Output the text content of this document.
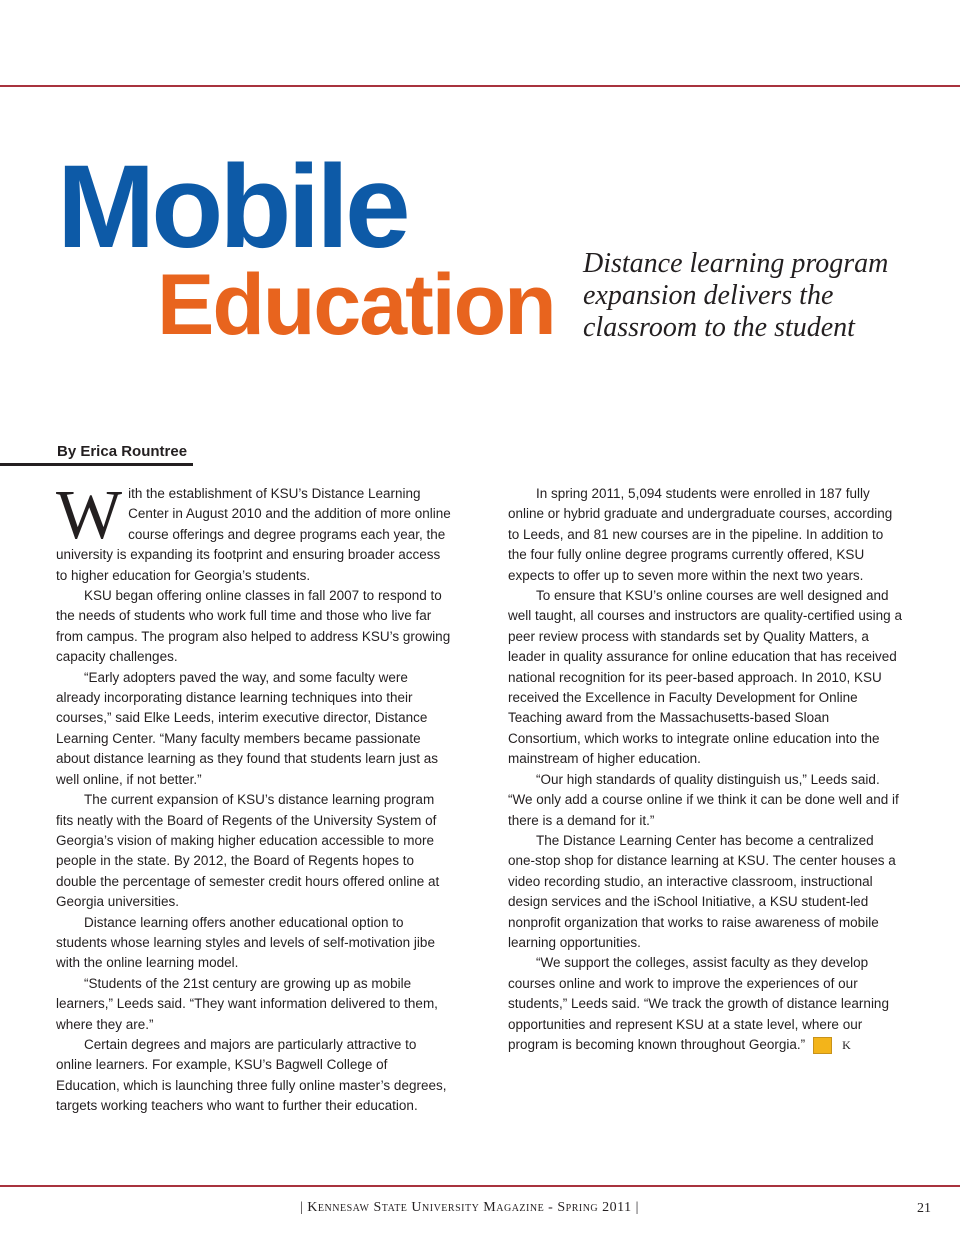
Mobile
Education Distance learning program expansion delivers the classroom to the student

By Erica Rountree

With the establishment of KSU’s Distance Learning Center in August 2010 and the addition of more online course offerings and degree programs each year, the university is expanding its footprint and ensuring broader access to higher education for Georgia’s students.

KSU began offering online classes in fall 2007 to respond to the needs of students who work full time and those who live far from campus. The program also helped to address KSU’s growing capacity challenges.

“Early adopters paved the way, and some faculty were already incorporating distance learning techniques into their courses,” said Elke Leeds, interim executive director, Distance Learning Center. “Many faculty members became passionate about distance learning as they found that students learn just as well online, if not better.”

The current expansion of KSU’s distance learning program fits neatly with the Board of Regents of the University System of Georgia’s vision of making higher education accessible to more people in the state. By 2012, the Board of Regents hopes to double the percentage of semester credit hours offered online at Georgia universities.

Distance learning offers another educational option to students whose learning styles and levels of self-motivation jibe with the online learning model.

“Students of the 21st century are growing up as mobile learners,” Leeds said. “They want information delivered to them, where they are.”

Certain degrees and majors are particularly attractive to online learners. For example, KSU’s Bagwell College of Education, which is launching three fully online master’s degrees, targets working teachers who want to further their education.

In spring 2011, 5,094 students were enrolled in 187 fully online or hybrid graduate and undergraduate courses, according to Leeds, and 81 new courses are in the pipeline. In addition to the four fully online degree programs currently offered, KSU expects to offer up to seven more within the next two years.

To ensure that KSU’s online courses are well designed and well taught, all courses and instructors are quality-certified using a peer review process with standards set by Quality Matters, a leader in quality assurance for online education that has received national recognition for its peer-based approach. In 2010, KSU received the Excellence in Faculty Development for Online Teaching award from the Massachusetts-based Sloan Consortium, which works to integrate online education into the mainstream of higher education.

“Our high standards of quality distinguish us,” Leeds said. “We only add a course online if we think it can be done well and if there is a demand for it.”

The Distance Learning Center has become a centralized one-stop shop for distance learning at KSU. The center houses a video recording studio, an interactive classroom, instructional design services and the iSchool Initiative, a KSU student-led nonprofit organization that works to raise awareness of mobile learning opportunities.

“We support the colleges, assist faculty as they develop courses online and work to improve the experiences of our students,” Leeds said. “We track the growth of distance learning opportunities and represent KSU at a state level, where our program is becoming known throughout Georgia.”	K

| Kennesaw State University Magazine - Spring 2011 |	21
